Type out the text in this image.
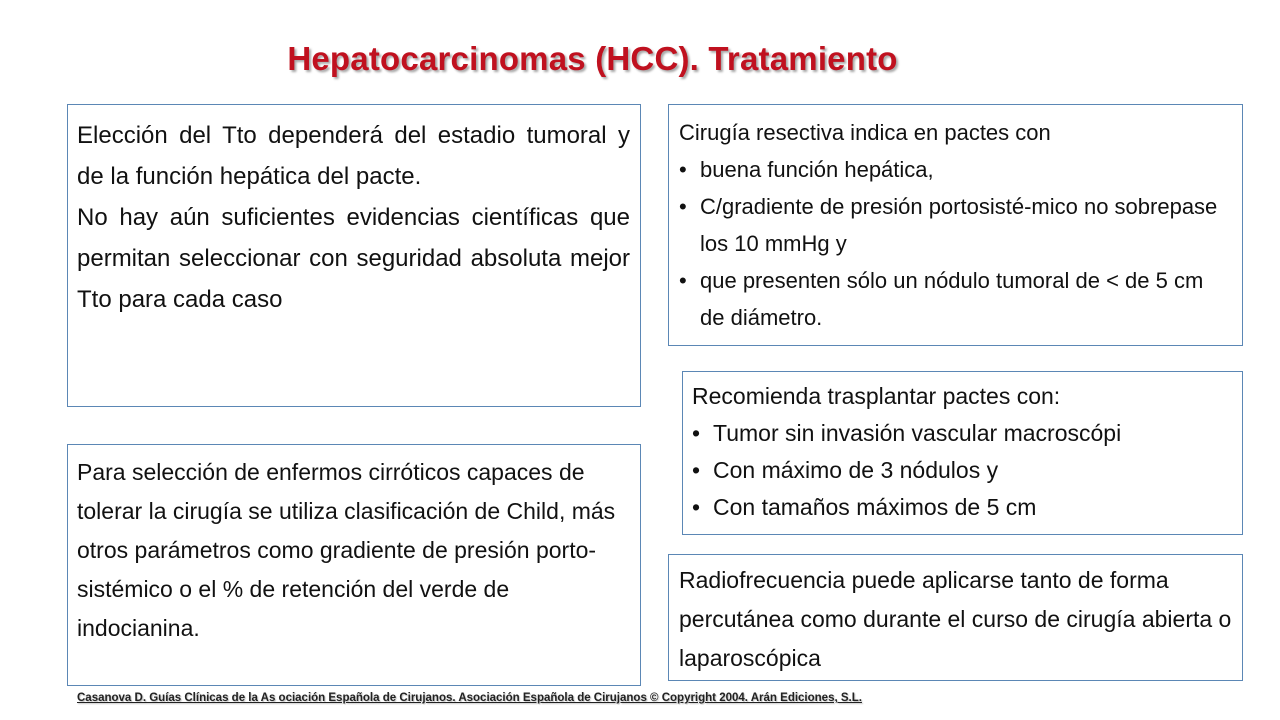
Hepatocarcinomas (HCC). Tratamiento

Elección del Tto dependerá del estadio tumoral y de la función hepática del pacte.

No hay aún suficientes evidencias científicas que permitan seleccionar con seguridad absoluta mejor Tto para cada caso

Para selección de enfermos cirróticos capaces de tolerar la cirugía se utiliza clasificación de Child, más otros parámetros como gradiente de presión porto-sistémico o el % de retención del verde de indocianina.

Cirugía resectiva indica en pactes con
• buena función hepática,
• C/gradiente de presión portosisté-mico no sobrepase los 10 mmHg y
• que presenten sólo un nódulo tumoral de < de 5 cm de diámetro.
Recomienda trasplantar pactes con:
• Tumor sin invasión vascular macroscópi
• Con máximo de 3 nódulos y
• Con tamaños máximos de 5 cm

Radiofrecuencia puede aplicarse tanto de forma percutánea como durante el curso de cirugía abierta o laparoscópica

Casanova D. Guías Clínicas de la As ociación Española de Cirujanos. Asociación Española de Cirujanos © Copyright 2004. Arán Ediciones, S.L.
